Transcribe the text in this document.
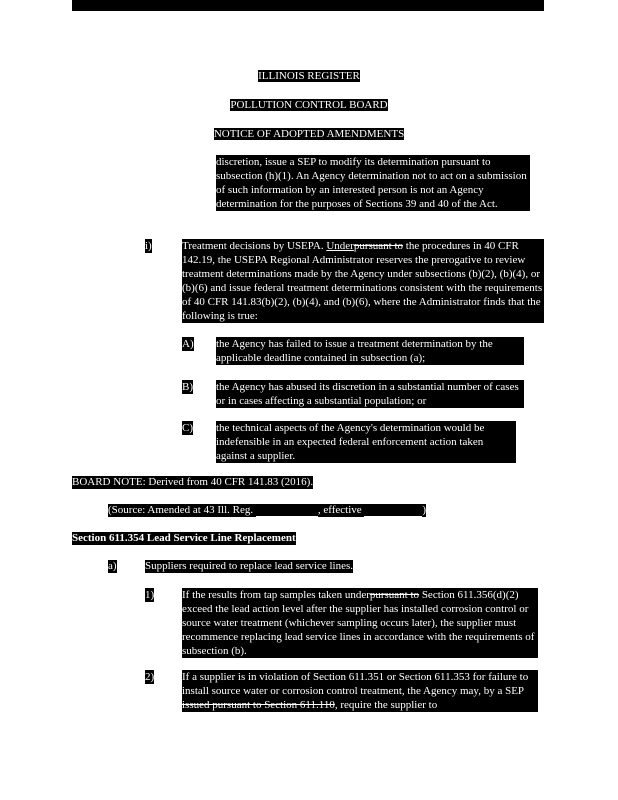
ILLINOIS REGISTER
POLLUTION CONTROL BOARD
NOTICE OF ADOPTED AMENDMENTS
discretion, issue a SEP to modify its determination pursuant to subsection (h)(1). An Agency determination not to act on a submission of such information by an interested person is not an Agency determination for the purposes of Sections 39 and 40 of the Act.
i)	Treatment decisions by USEPA. Underpursuant to the procedures in 40 CFR 142.19, the USEPA Regional Administrator reserves the prerogative to review treatment determinations made by the Agency under subsections (b)(2), (b)(4), or (b)(6) and issue federal treatment determinations consistent with the requirements of 40 CFR 141.83(b)(2), (b)(4), and (b)(6), where the Administrator finds that the following is true:
A) the Agency has failed to issue a treatment determination by the applicable deadline contained in subsection (a);
B) the Agency has abused its discretion in a substantial number of cases or in cases affecting a substantial population; or
C) the technical aspects of the Agency's determination would be indefensible in an expected federal enforcement action taken against a supplier.
BOARD NOTE: Derived from 40 CFR 141.83 (2016).
(Source: Amended at 43 Ill. Reg.	, effective	)
Section 611.354 Lead Service Line Replacement
a)	Suppliers required to replace lead service lines.
1)	If the results from tap samples taken underpursuant to Section 611.356(d)(2) exceed the lead action level after the supplier has installed corrosion control or source water treatment (whichever sampling occurs later), the supplier must recommence replacing lead service lines in accordance with the requirements of subsection (b).
2)	If a supplier is in violation of Section 611.351 or Section 611.353 for failure to install source water or corrosion control treatment, the Agency may, by a SEP issued pursuant to Section 611.110, require the supplier to
